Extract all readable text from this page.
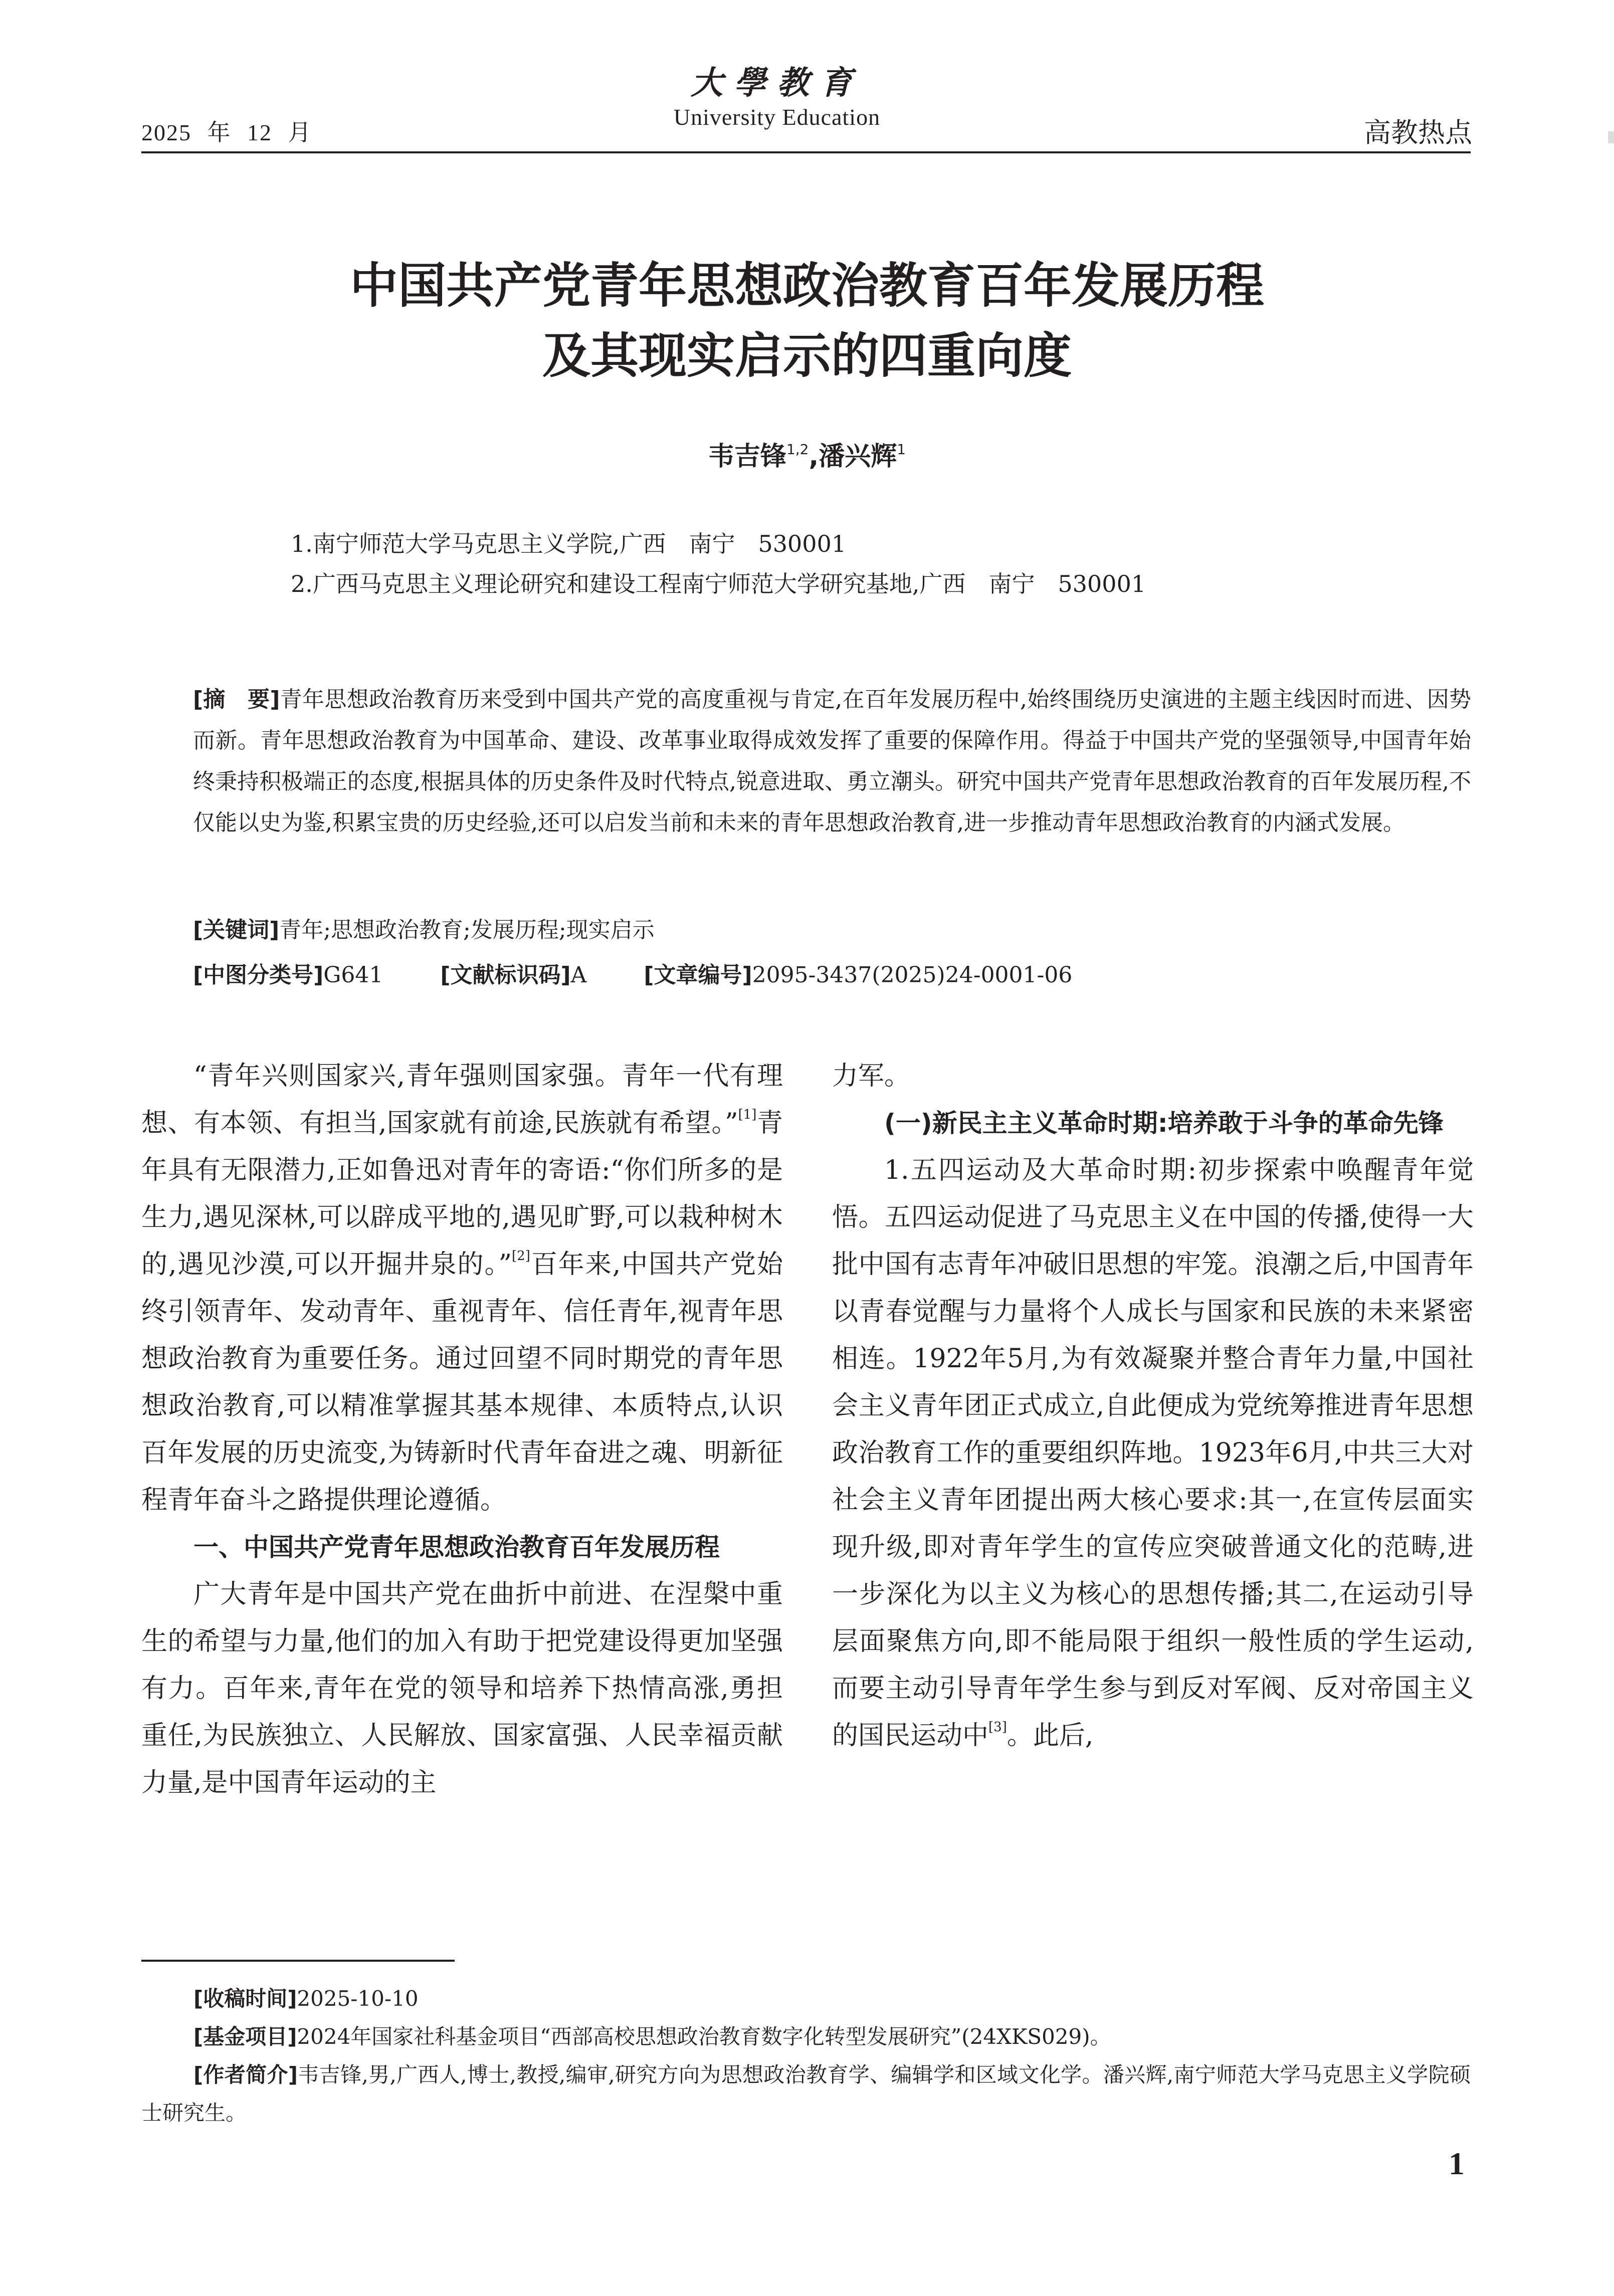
2025 年 12 月
大學教育
University Education	高教热点
中国共产党青年思想政治教育百年发展历程
及其现实启示的四重向度
韦吉锋$^{1,2}$,潘兴辉$^1$
1.南宁师范大学马克思主义学院,广西　南宁　530001
2.广西马克思主义理论研究和建设工程南宁师范大学研究基地,广西　南宁　530001
[摘　要]青年思想政治教育历来受到中国共产党的高度重视与肯定,在百年发展历程中,始终围绕历史演进的主题主线因时而进、因势而新。青年思想政治教育为中国革命、建设、改革事业取得成效发挥了重要的保障作用。得益于中国共产党的坚强领导,中国青年始终秉持积极端正的态度,根据具体的历史条件及时代特点,锐意进取、勇立潮头。研究中国共产党青年思想政治教育的百年发展历程,不仅能以史为鉴,积累宝贵的历史经验,还可以启发当前和未来的青年思想政治教育,进一步推动青年思想政治教育的内涵式发展。
[关键词]青年;思想政治教育;发展历程;现实启示
[中图分类号]G641	[文献标识码]A	[文章编号]2095-3437(2025)24-0001-06

“青年兴则国家兴,青年强则国家强。青年一代有理想、有本领、有担当,国家就有前途,民族就有希望。”[1]青年具有无限潜力,正如鲁迅对青年的寄语:“你们所多的是生力,遇见深林,可以辟成平地的,遇见旷野,可以栽种树木的,遇见沙漠,可以开掘井泉的。”[2]百年来,中国共产党始终引领青年、发动青年、重视青年、信任青年,视青年思想政治教育为重要任务。通过回望不同时期党的青年思想政治教育,可以精准掌握其基本规律、本质特点,认识百年发展的历史流变,为铸新时代青年奋进之魂、明新征程青年奋斗之路提供理论遵循。

一、中国共产党青年思想政治教育百年发展历程

广大青年是中国共产党在曲折中前进、在涅槃中重生的希望与力量,他们的加入有助于把党建设得更加坚强有力。百年来,青年在党的领导和培养下热情高涨,勇担重任,为民族独立、人民解放、国家富强、人民幸福贡献力量,是中国青年运动的主

力军。

(一)新民主主义革命时期:培养敢于斗争的革命先锋

1.五四运动及大革命时期:初步探索中唤醒青年觉悟。五四运动促进了马克思主义在中国的传播,使得一大批中国有志青年冲破旧思想的牢笼。浪潮之后,中国青年以青春觉醒与力量将个人成长与国家和民族的未来紧密相连。1922年5月,为有效凝聚并整合青年力量,中国社会主义青年团正式成立,自此便成为党统筹推进青年思想政治教育工作的重要组织阵地。1923年6月,中共三大对社会主义青年团提出两大核心要求:其一,在宣传层面实现升级,即对青年学生的宣传应突破普通文化的范畴,进一步深化为以主义为核心的思想传播;其二,在运动引导层面聚焦方向,即不能局限于组织一般性质的学生运动,而要主动引导青年学生参与到反对军阀、反对帝国主义的国民运动中[3]。此后,

[收稿时间]2025-10-10
[基金项目]2024年国家社科基金项目“西部高校思想政治教育数字化转型发展研究”(24XKS029)。
[作者简介]韦吉锋,男,广西人,博士,教授,编审,研究方向为思想政治教育学、编辑学和区域文化学。潘兴辉,南宁师范大学马克思主义学院硕士研究生。
1
